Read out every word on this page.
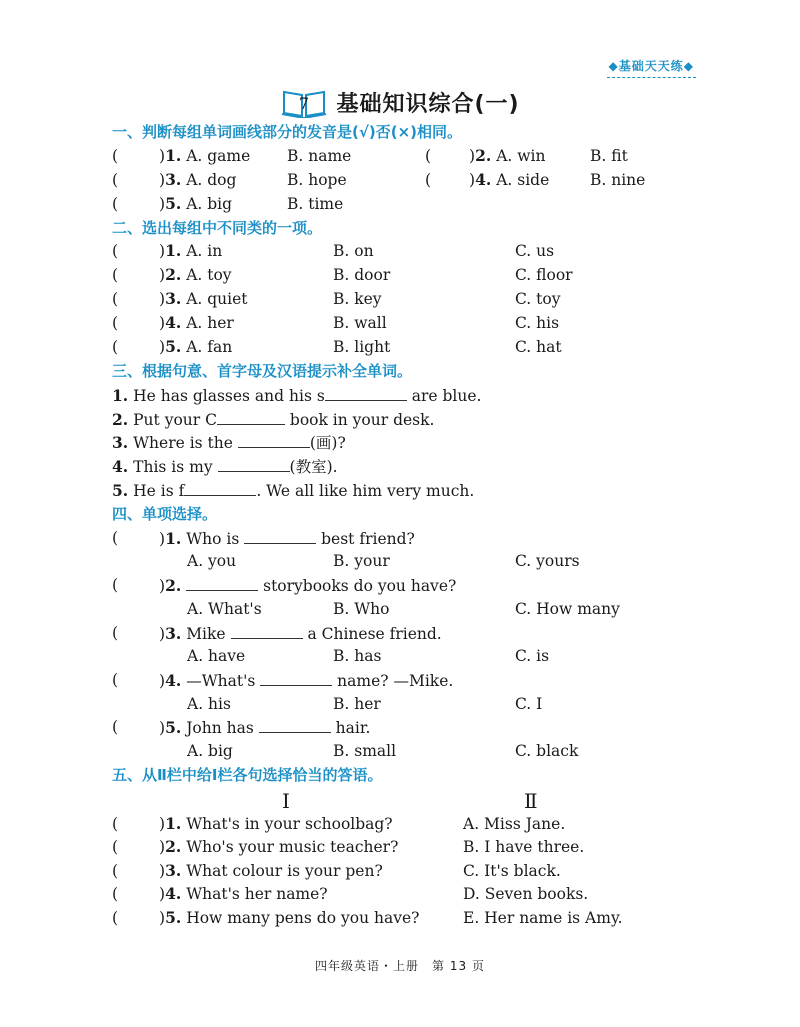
◆基础天天练◆
7 基础知识综合(一)
一、判断每组单词画线部分的发音是(√)否(×)相同。
(	)1. A. game B. name	( )2. A. win	B. fit
(	)3. A. dog	B. hope	( )4. A. side	B. nine
(	)5. A. big	B. time
二、选出每组中不同类的一项。
(	)1. A. in	B. on	C. us
(	)2. A. toy	B. door	C. floor
(	)3. A. quiet	B. key	C. toy
(	)4. A. her	B. wall	C. his
(	)5. A. fan	B. light	C. hat
三、根据句意、首字母及汉语提示补全单词。
1. He has glasses and his s	are blue.
2. Put your C	book in your desk.
3. Where is the	(画)?
4. This is my	(教室).
5. He is f	. We all like him very much.
四、单项选择。
(	)1. Who is	best friend?
A. you	B. your	C. yours
(	)2.	storybooks do you have?
A. What's	B. Who	C. How many
(	)3. Mike	a Chinese friend.
A. have	B. has	C. is
(	)4. —What's	name? —Mike.
A. his	B. her	C. I
(	)5. John has	hair.
A. big	B. small	C. black
五、从Ⅱ栏中给Ⅰ栏各句选择恰当的答语。
Ⅰ	Ⅱ
(	)1. What's in your schoolbag?	A. Miss Jane.
(	)2. Who's your music teacher?	B. I have three.
(	)3. What colour is your pen?	C. It's black.
(	)4. What's her name?	D. Seven books.
(	)5. How many pens do you have?	E. Her name is Amy.
四年级英语・上册　第 13 页
